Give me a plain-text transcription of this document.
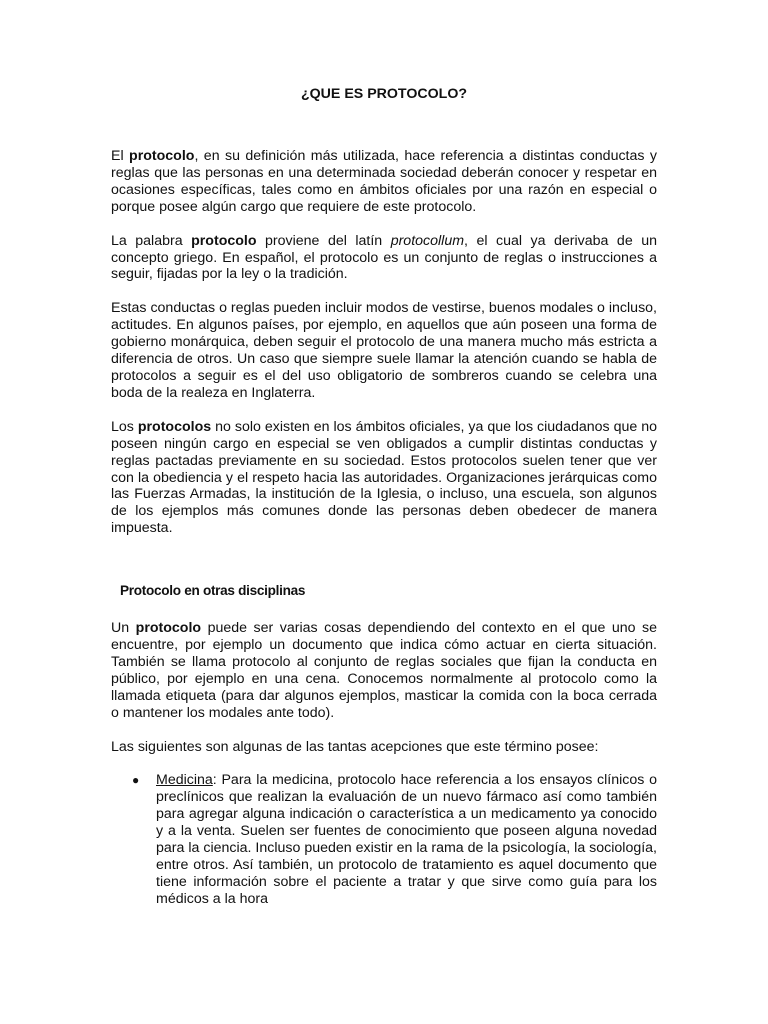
¿QUE ES PROTOCOLO?

El protocolo, en su definición más utilizada, hace referencia a distintas conductas y reglas que las personas en una determinada sociedad deberán conocer y respetar en ocasiones específicas, tales como en ámbitos oficiales por una razón en especial o porque posee algún cargo que requiere de este protocolo.

La palabra protocolo proviene del latín protocollum, el cual ya derivaba de un concepto griego. En español, el protocolo es un conjunto de reglas o instrucciones a seguir, fijadas por la ley o la tradición.

Estas conductas o reglas pueden incluir modos de vestirse, buenos modales o incluso, actitudes. En algunos países, por ejemplo, en aquellos que aún poseen una forma de gobierno monárquica, deben seguir el protocolo de una manera mucho más estricta a diferencia de otros. Un caso que siempre suele llamar la atención cuando se habla de protocolos a seguir es el del uso obligatorio de sombreros cuando se celebra una boda de la realeza en Inglaterra.

Los protocolos no solo existen en los ámbitos oficiales, ya que los ciudadanos que no poseen ningún cargo en especial se ven obligados a cumplir distintas conductas y reglas pactadas previamente en su sociedad. Estos protocolos suelen tener que ver con la obediencia y el respeto hacia las autoridades. Organizaciones jerárquicas como las Fuerzas Armadas, la institución de la Iglesia, o incluso, una escuela, son algunos de los ejemplos más comunes donde las personas deben obedecer de manera impuesta.

Protocolo en otras disciplinas

Un protocolo puede ser varias cosas dependiendo del contexto en el que uno se encuentre, por ejemplo un documento que indica cómo actuar en cierta situación. También se llama protocolo al conjunto de reglas sociales que fijan la conducta en público, por ejemplo en una cena. Conocemos normalmente al protocolo como la llamada etiqueta (para dar algunos ejemplos, masticar la comida con la boca cerrada o mantener los modales ante todo).

Las siguientes son algunas de las tantas acepciones que este término posee:

● Medicina: Para la medicina, protocolo hace referencia a los ensayos clínicos o preclínicos que realizan la evaluación de un nuevo fármaco así como también para agregar alguna indicación o característica a un medicamento ya conocido y a la venta. Suelen ser fuentes de conocimiento que poseen alguna novedad para la ciencia. Incluso pueden existir en la rama de la psicología, la sociología, entre otros. Así también, un protocolo de tratamiento es aquel documento que tiene información sobre el paciente a tratar y que sirve como guía para los médicos a la hora
